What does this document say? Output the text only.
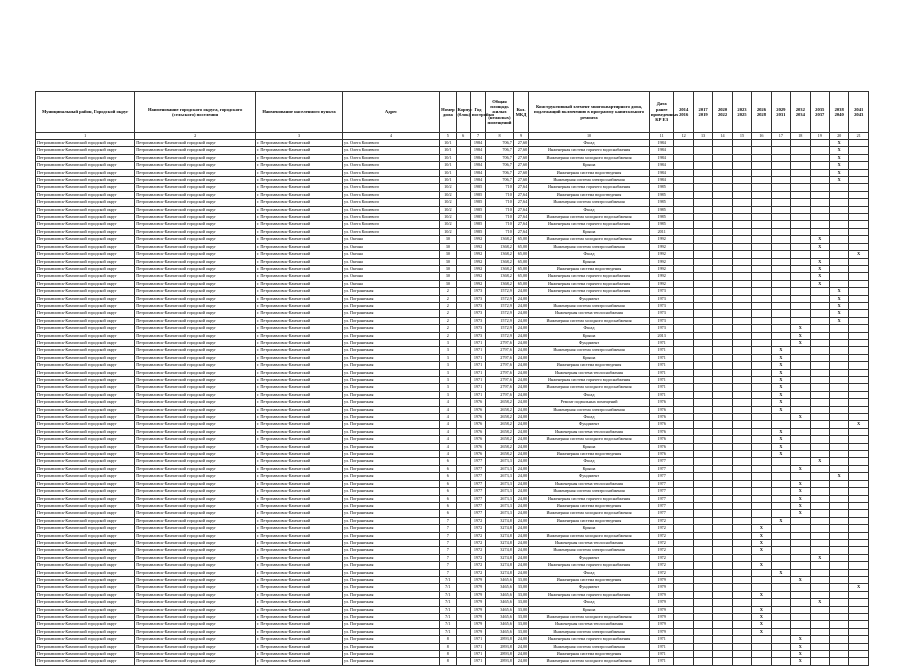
Муниципальный район, Городской округ	Наименование городского округа, городского (сельского) поселения	Наименование населенного пункта	Адрес	Номер дома	Корпус (блок)	Год постройки	Общая площадь жилых (нежилых) помещений	Кол. МКД	Конструктивный элемент многоквартирного дома, подлежащий включению в программу капитального ремонта	Дата ранее проведенных КР ЕЗ	2014 2016	2017 2019	2020 2022	2023 2025	2026 2028	2029 2031	2032 2034	2035 2037	2038 2040	2041 2043
1	2	3	4	5	6	7	8	9	10	11	12	13	14	15	16	17	18	19	20	21
Петропавловск-Камчатский городской округ	Петропавловск-Камчатский городской округ	г. Петропавловск-Камчатский	ул. Олега Кошевого	10/1		1984	706,7	27,60	Фасад	1984									X	
Петропавловск-Камчатский городской округ	Петропавловск-Камчатский городской округ	г. Петропавловск-Камчатский	ул. Олега Кошевого	10/1		1984	706,7	27,60	Инженерная система горячего водоснабжения	1984									X	
Петропавловск-Камчатский городской округ	Петропавловск-Камчатский городской округ	г. Петропавловск-Камчатский	ул. Олега Кошевого	10/1		1984	706,7	27,60	Инженерная система холодного водоснабжения	1984									X	
Петропавловск-Камчатский городской округ	Петропавловск-Камчатский городской округ	г. Петропавловск-Камчатский	ул. Олега Кошевого	10/1		1984	706,7	27,60	Крыша	1984									X	
Петропавловск-Камчатский городской округ	Петропавловск-Камчатский городской округ	г. Петропавловск-Камчатский	ул. Олега Кошевого	10/1		1984	706,7	27,60	Инженерная система водоотведения	1984									X	
Петропавловск-Камчатский городской округ	Петропавловск-Камчатский городской округ	г. Петропавловск-Камчатский	ул. Олега Кошевого	10/1		1984	706,7	27,60	Инженерная система электроснабжения	1984									X	
Петропавловск-Камчатский городской округ	Петропавловск-Камчатский городской округ	г. Петропавловск-Камчатский	ул. Олега Кошевого	10/2		1985	710	27,64	Инженерная система горячего водоснабжения	1985										
Петропавловск-Камчатский городской округ	Петропавловск-Камчатский городской округ	г. Петропавловск-Камчатский	ул. Олега Кошевого	10/2		1985	710	27,64	Инженерная система водоотведения	1985										
Петропавловск-Камчатский городской округ	Петропавловск-Камчатский городской округ	г. Петропавловск-Камчатский	ул. Олега Кошевого	10/2		1985	710	27,64	Инженерная система электроснабжения	1985										
Петропавловск-Камчатский городской округ	Петропавловск-Камчатский городской округ	г. Петропавловск-Камчатский	ул. Олега Кошевого	10/2		1985	710	27,64	Фасад	1985										
Петропавловск-Камчатский городской округ	Петропавловск-Камчатский городской округ	г. Петропавловск-Камчатский	ул. Олега Кошевого	10/2		1985	710	27,64	Инженерная система холодного водоснабжения	1985										
Петропавловск-Камчатский городской округ	Петропавловск-Камчатский городской округ	г. Петропавловск-Камчатский	ул. Олега Кошевого	10/2		1985	710	27,64	Инженерная система горячего водоснабжения	1985										
Петропавловск-Камчатский городской округ	Петропавловск-Камчатский городской округ	г. Петропавловск-Камчатский	ул. Олега Кошевого	10/2		1985	710	27,64	Крыша	2011										
Петропавловск-Камчатский городской округ	Петропавловск-Камчатский городской округ	г. Петропавловск-Камчатский	ул. Океана	30		1992	1368,2	65,00	Инженерная система холодного водоснабжения	1992								X		
Петропавловск-Камчатский городской округ	Петропавловск-Камчатский городской округ	г. Петропавловск-Камчатский	ул. Океана	30		1992	1368,2	65,00	Инженерная система электроснабжения	1992								X		
Петропавловск-Камчатский городской округ	Петропавловск-Камчатский городской округ	г. Петропавловск-Камчатский	ул. Океана	30		1992	1368,2	65,00	Фасад	1992										X
Петропавловск-Камчатский городской округ	Петропавловск-Камчатский городской округ	г. Петропавловск-Камчатский	ул. Океана	30		1992	1368,2	65,00	Крыша	1992								X		
Петропавловск-Камчатский городской округ	Петропавловск-Камчатский городской округ	г. Петропавловск-Камчатский	ул. Океана	30		1992	1368,2	65,00	Инженерная система водоотведения	1992								X		
Петропавловск-Камчатский городской округ	Петропавловск-Камчатский городской округ	г. Петропавловск-Камчатский	ул. Океана	30		1992	1368,2	65,00	Инженерная система горячего водоснабжения	1992								X		
Петропавловск-Камчатский городской округ	Петропавловск-Камчатский городской округ	г. Петропавловск-Камчатский	ул. Океана	30		1992	1368,2	65,00	Инженерная система горячего водоснабжения	1992								X		
Петропавловск-Камчатский городской округ	Петропавловск-Камчатский городской округ	г. Петропавловск-Камчатский	ул. Пограничная	2		1973	1572,9	24,00	Инженерная система горячего водоснабжения	1973									X	
Петропавловск-Камчатский городской округ	Петропавловск-Камчатский городской округ	г. Петропавловск-Камчатский	ул. Пограничная	2		1973	1572,9	24,00	Фундамент	1973									X	
Петропавловск-Камчатский городской округ	Петропавловск-Камчатский городской округ	г. Петропавловск-Камчатский	ул. Пограничная	2		1973	1572,9	24,00	Инженерная система электроснабжения	1973									X	
Петропавловск-Камчатский городской округ	Петропавловск-Камчатский городской округ	г. Петропавловск-Камчатский	ул. Пограничная	2		1973	1572,9	24,00	Инженерная система теплоснабжения	1973									X	
Петропавловск-Камчатский городской округ	Петропавловск-Камчатский городской округ	г. Петропавловск-Камчатский	ул. Пограничная	2		1973	1572,9	24,00	Инженерная система холодного водоснабжения	1973									X	
Петропавловск-Камчатский городской округ	Петропавловск-Камчатский городской округ	г. Петропавловск-Камчатский	ул. Пограничная	2		1973	1572,9	24,00	Фасад	1973							X			
Петропавловск-Камчатский городской округ	Петропавловск-Камчатский городской округ	г. Петропавловск-Камчатский	ул. Пограничная	2		1973	1572,9	24,00	Крыша	2013							X			
Петропавловск-Камчатский городской округ	Петропавловск-Камчатский городской округ	г. Петропавловск-Камчатский	ул. Пограничная	3		1971	2797,6	24,00	Фундамент	1971							X			
Петропавловск-Камчатский городской округ	Петропавловск-Камчатский городской округ	г. Петропавловск-Камчатский	ул. Пограничная	3		1971	2797,6	24,00	Инженерная система электроснабжения	1971						X				
Петропавловск-Камчатский городской округ	Петропавловск-Камчатский городской округ	г. Петропавловск-Камчатский	ул. Пограничная	3		1971	2797,6	24,00	Крыша	1971						X				
Петропавловск-Камчатский городской округ	Петропавловск-Камчатский городской округ	г. Петропавловск-Камчатский	ул. Пограничная	3		1971	2797,6	24,00	Инженерная система водоотведения	1971						X				
Петропавловск-Камчатский городской округ	Петропавловск-Камчатский городской округ	г. Петропавловск-Камчатский	ул. Пограничная	3		1971	2797,6	24,00	Инженерная система теплоснабжения	1971						X				
Петропавловск-Камчатский городской округ	Петропавловск-Камчатский городской округ	г. Петропавловск-Камчатский	ул. Пограничная	3		1971	2797,6	24,00	Инженерная система горячего водоснабжения	1971						X				
Петропавловск-Камчатский городской округ	Петропавловск-Камчатский городской округ	г. Петропавловск-Камчатский	ул. Пограничная	3		1971	2797,6	24,00	Инженерная система холодного водоснабжения	1971						X				
Петропавловск-Камчатский городской округ	Петропавловск-Камчатский городской округ	г. Петропавловск-Камчатский	ул. Пограничная	3		1971	2797,6	24,00	Фасад	1971						X				
Петропавловск-Камчатский городской округ	Петропавловск-Камчатский городской округ	г. Петропавловск-Камчатский	ул. Пограничная	4		1976	2658,2	24,00	Ремонт подвальных помещений	1976						X				
Петропавловск-Камчатский городской округ	Петропавловск-Камчатский городской округ	г. Петропавловск-Камчатский	ул. Пограничная	4		1976	2658,2	24,00	Инженерная система электроснабжения	1976						X				
Петропавловск-Камчатский городской округ	Петропавловск-Камчатский городской округ	г. Петропавловск-Камчатский	ул. Пограничная	4		1976	2658,2	24,00	Фасад	1976							X			
Петропавловск-Камчатский городской округ	Петропавловск-Камчатский городской округ	г. Петропавловск-Камчатский	ул. Пограничная	4		1976	2658,2	24,00	Фундамент	1976										X
Петропавловск-Камчатский городской округ	Петропавловск-Камчатский городской округ	г. Петропавловск-Камчатский	ул. Пограничная	4		1976	2658,2	24,00	Инженерная система теплоснабжения	1976						X				
Петропавловск-Камчатский городской округ	Петропавловск-Камчатский городской округ	г. Петропавловск-Камчатский	ул. Пограничная	4		1976	2658,2	24,00	Инженерная система холодного водоснабжения	1976						X				
Петропавловск-Камчатский городской округ	Петропавловск-Камчатский городской округ	г. Петропавловск-Камчатский	ул. Пограничная	4		1976	2658,2	24,00	Крыша	1976						X				
Петропавловск-Камчатский городской округ	Петропавловск-Камчатский городской округ	г. Петропавловск-Камчатский	ул. Пограничная	4		1976	2658,2	24,00	Инженерная система водоотведения	1976						X				
Петропавловск-Камчатский городской округ	Петропавловск-Камчатский городской округ	г. Петропавловск-Камчатский	ул. Пограничная	6		1977	2673,3	24,00	Фасад	1977								X		
Петропавловск-Камчатский городской округ	Петропавловск-Камчатский городской округ	г. Петропавловск-Камчатский	ул. Пограничная	6		1977	2673,3	24,00	Крыша	1977							X			
Петропавловск-Камчатский городской округ	Петропавловск-Камчатский городской округ	г. Петропавловск-Камчатский	ул. Пограничная	6		1977	2673,3	24,00	Фундамент	1977									X	
Петропавловск-Камчатский городской округ	Петропавловск-Камчатский городской округ	г. Петропавловск-Камчатский	ул. Пограничная	6		1977	2673,3	24,00	Инженерная система теплоснабжения	1977							X			
Петропавловск-Камчатский городской округ	Петропавловск-Камчатский городской округ	г. Петропавловск-Камчатский	ул. Пограничная	6		1977	2673,3	24,00	Инженерная система электроснабжения	1977							X			
Петропавловск-Камчатский городской округ	Петропавловск-Камчатский городской округ	г. Петропавловск-Камчатский	ул. Пограничная	6		1977	2673,3	24,00	Инженерная система горячего водоснабжения	1977							X			
Петропавловск-Камчатский городской округ	Петропавловск-Камчатский городской округ	г. Петропавловск-Камчатский	ул. Пограничная	6		1977	2673,3	24,00	Инженерная система водоотведения	1977							X			
Петропавловск-Камчатский городской округ	Петропавловск-Камчатский городской округ	г. Петропавловск-Камчатский	ул. Пограничная	6		1977	2673,3	24,00	Инженерная система холодного водоснабжения	1977							X			
Петропавловск-Камчатский городской округ	Петропавловск-Камчатский городской округ	г. Петропавловск-Камчатский	ул. Пограничная	7		1972	3274,8	24,00	Инженерная система водоотведения	1972						X				
Петропавловск-Камчатский городской округ	Петропавловск-Камчатский городской округ	г. Петропавловск-Камчатский	ул. Пограничная	7		1972	3274,8	24,00	Крыша	1972					X					
Петропавловск-Камчатский городской округ	Петропавловск-Камчатский городской округ	г. Петропавловск-Камчатский	ул. Пограничная	7		1972	3274,8	24,00	Инженерная система холодного водоснабжения	1972					X					
Петропавловск-Камчатский городской округ	Петропавловск-Камчатский городской округ	г. Петропавловск-Камчатский	ул. Пограничная	7		1972	3274,8	24,00	Инженерная система теплоснабжения	1972					X					
Петропавловск-Камчатский городской округ	Петропавловск-Камчатский городской округ	г. Петропавловск-Камчатский	ул. Пограничная	7		1972	3274,8	24,00	Инженерная система электроснабжения	1972					X					
Петропавловск-Камчатский городской округ	Петропавловск-Камчатский городской округ	г. Петропавловск-Камчатский	ул. Пограничная	7		1972	3274,8	24,00	Фундамент	1972								X		
Петропавловск-Камчатский городской округ	Петропавловск-Камчатский городской округ	г. Петропавловск-Камчатский	ул. Пограничная	7		1972	3274,8	24,00	Инженерная система горячего водоснабжения	1972					X					
Петропавловск-Камчатский городской округ	Петропавловск-Камчатский городской округ	г. Петропавловск-Камчатский	ул. Пограничная	7		1972	3274,8	24,00	Фасад	1972						X				
Петропавловск-Камчатский городской округ	Петропавловск-Камчатский городской округ	г. Петропавловск-Камчатский	ул. Пограничная	7/1		1979	3465,6	33,00	Инженерная система водоотведения	1979							X			
Петропавловск-Камчатский городской округ	Петропавловск-Камчатский городской округ	г. Петропавловск-Камчатский	ул. Пограничная	7/1		1979	3465,6	33,00	Фундамент	1979										X
Петропавловск-Камчатский городской округ	Петропавловск-Камчатский городской округ	г. Петропавловск-Камчатский	ул. Пограничная	7/1		1979	3465,6	33,00	Инженерная система горячего водоснабжения	1979					X					
Петропавловск-Камчатский городской округ	Петропавловск-Камчатский городской округ	г. Петропавловск-Камчатский	ул. Пограничная	7/1		1979	3465,6	33,00	Фасад	1979								X		
Петропавловск-Камчатский городской округ	Петропавловск-Камчатский городской округ	г. Петропавловск-Камчатский	ул. Пограничная	7/1		1979	3465,6	33,00	Крыша	1979					X					
Петропавловск-Камчатский городской округ	Петропавловск-Камчатский городской округ	г. Петропавловск-Камчатский	ул. Пограничная	7/1		1979	3465,6	33,00	Инженерная система холодного водоснабжения	1979					X					
Петропавловск-Камчатский городской округ	Петропавловск-Камчатский городской округ	г. Петропавловск-Камчатский	ул. Пограничная	7/1		1979	3465,6	33,00	Инженерная система теплоснабжения	1979					X					
Петропавловск-Камчатский городской округ	Петропавловск-Камчатский городской округ	г. Петропавловск-Камчатский	ул. Пограничная	7/1		1979	3465,6	33,00	Инженерная система электроснабжения	1979					X					
Петропавловск-Камчатский городской округ	Петропавловск-Камчатский городской округ	г. Петропавловск-Камчатский	ул. Пограничная	8		1971	2893,8	24,00	Инженерная система горячего водоснабжения	1971							X			
Петропавловск-Камчатский городской округ	Петропавловск-Камчатский городской округ	г. Петропавловск-Камчатский	ул. Пограничная	8		1971	2893,8	24,00	Инженерная система электроснабжения	1971							X			
Петропавловск-Камчатский городской округ	Петропавловск-Камчатский городской округ	г. Петропавловск-Камчатский	ул. Пограничная	8		1971	2893,8	24,00	Инженерная система водоотведения	1971							X			
Петропавловск-Камчатский городской округ	Петропавловск-Камчатский городской округ	г. Петропавловск-Камчатский	ул. Пограничная	8		1971	2893,8	24,00	Инженерная система холодного водоснабжения	1971							X			
